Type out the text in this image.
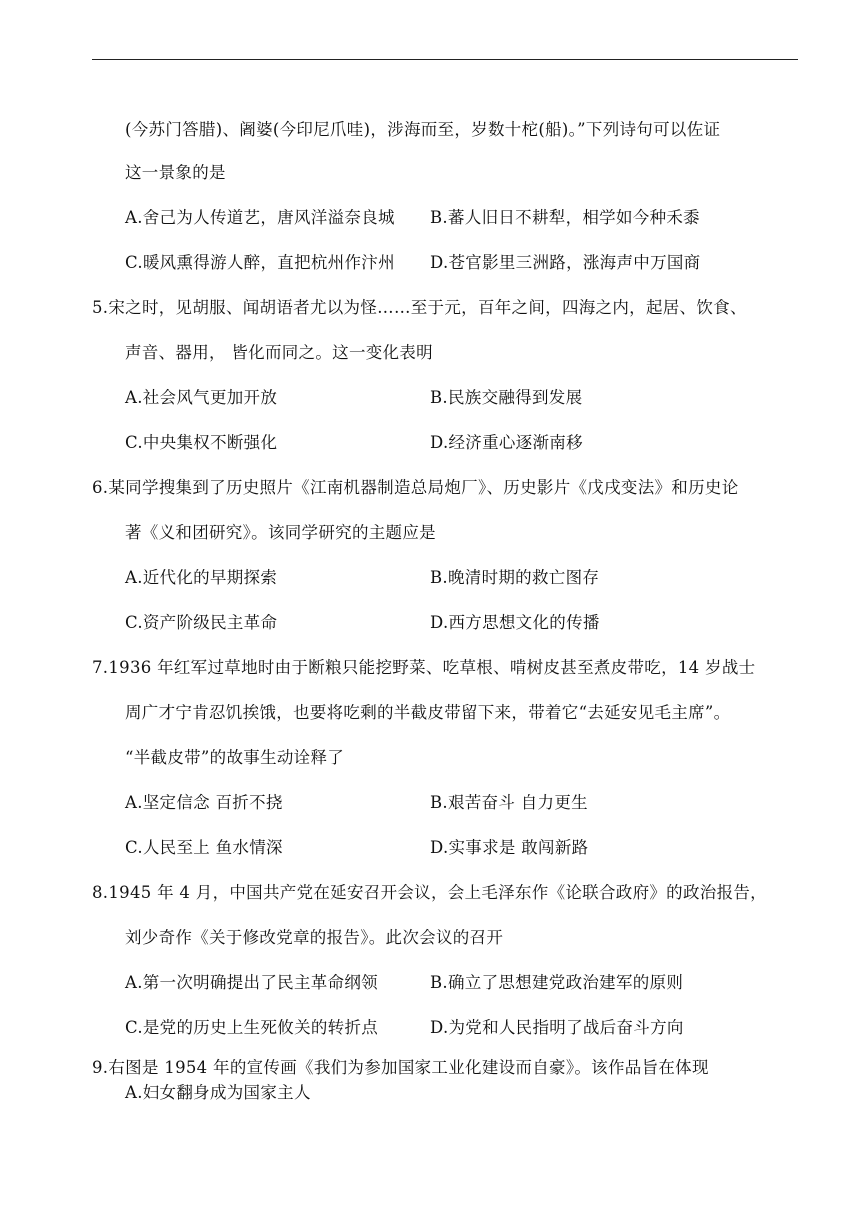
(今苏门答腊)、阇婆(今印尼爪哇)，涉海而至，岁数十柁(船)。”下列诗句可以佐证
这一景象的是
A.舍己为人传道艺，唐风洋溢奈良城 B.蕃人旧日不耕犁，相学如今种禾黍
C.暖风熏得游人醉，直把杭州作汴州 D.苍官影里三洲路，涨海声中万国商
5.宋之时，见胡服、闻胡语者尤以为怪……至于元，百年之间，四海之内，起居、饮食、
声音、器用， 皆化而同之。这一变化表明
A.社会风气更加开放	B.民族交融得到发展
C.中央集权不断强化	D.经济重心逐渐南移
6.某同学搜集到了历史照片《江南机器制造总局炮厂》、历史影片《戊戌变法》和历史论
著《义和团研究》。该同学研究的主题应是
A.近代化的早期探索	B.晚清时期的救亡图存
C.资产阶级民主革命	D.西方思想文化的传播
7.1936 年红军过草地时由于断粮只能挖野菜、吃草根、啃树皮甚至煮皮带吃，14 岁战士
周广才宁肯忍饥挨饿，也要将吃剩的半截皮带留下来，带着它“去延安见毛主席”。
“半截皮带”的故事生动诠释了
A.坚定信念 百折不挠	B.艰苦奋斗 自力更生
C.人民至上 鱼水情深	D.实事求是 敢闯新路
8.1945 年 4 月，中国共产党在延安召开会议，会上毛泽东作《论联合政府》的政治报告，
刘少奇作《关于修改党章的报告》。此次会议的召开
A.第一次明确提出了民主革命纲领	B.确立了思想建党政治建军的原则
C.是党的历史上生死攸关的转折点	D.为党和人民指明了战后奋斗方向
9.右图是 1954 年的宣传画《我们为参加国家工业化建设而自豪》。该作品旨在体现
A.妇女翻身成为国家主人
